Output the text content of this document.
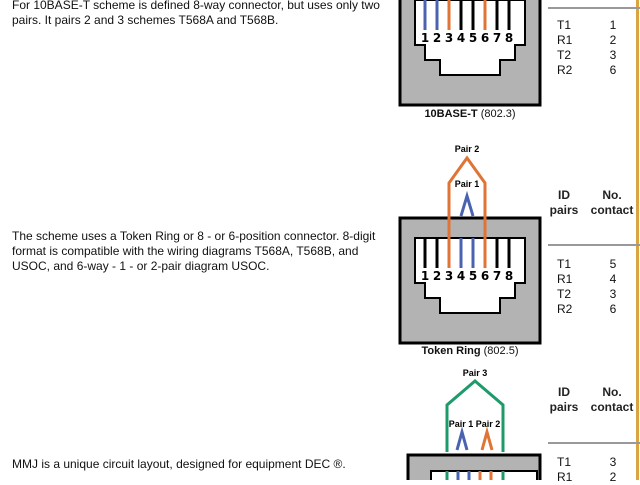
For 10BASE-T scheme is defined 8-way connector, but uses only two pairs. It pairs 2 and 3 schemes T568A and T568B.
1 2 3 4 5 6 7 8
1 2 3 4 5 6 7 8
Pair 2
Pair 1
Pair 3
Pair 1 Pair 2
10BASE-T (802.3)
T1	1
R1	2
T2	3
R2	6
The scheme uses a Token Ring or 8 - or 6-position connector. 8-digit format is compatible with the wiring diagrams T568A, T568B, and USOC, and 6-way - 1 - or 2-pair diagram USOC.
Token Ring (802.5)
ID pairs
No. contact
T1	5
R1	4
T2	3
R2	6
MMJ is a unique circuit layout, designed for equipment DEC ®.
ID pairs
No. contact
T1	3
R1	2
